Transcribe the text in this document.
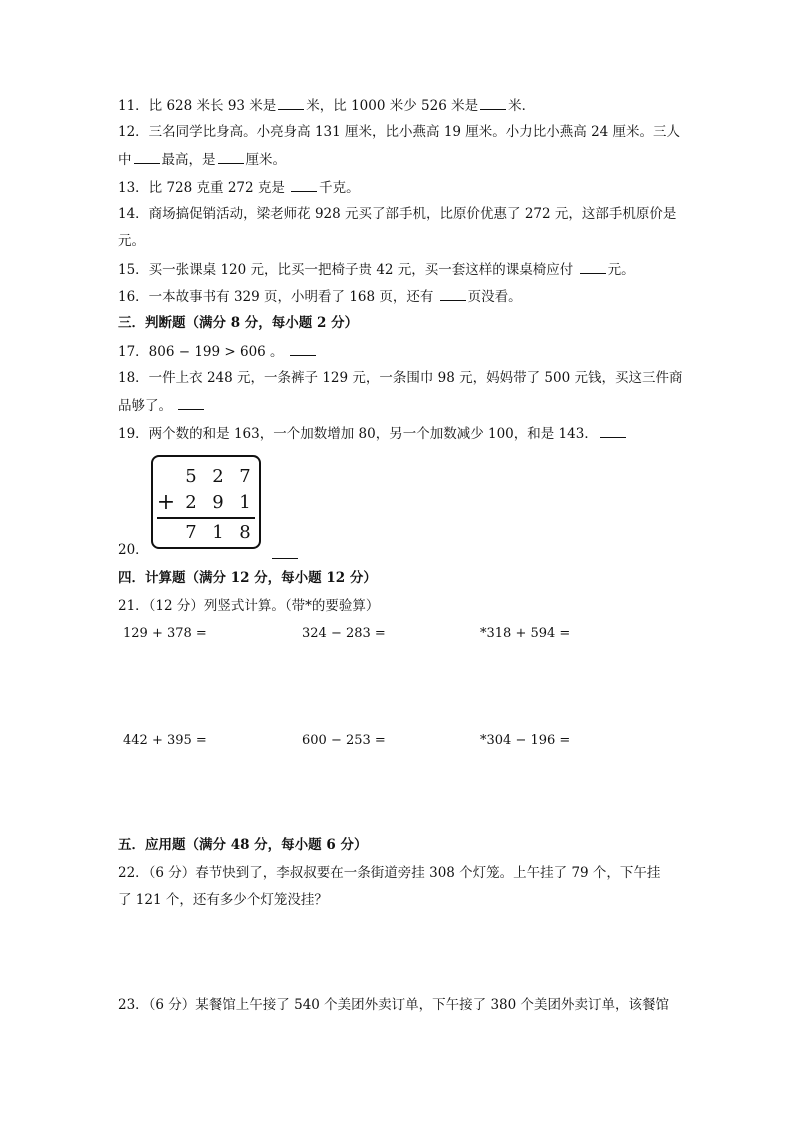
11．比 628 米长 93 米是 米，比 1000 米少 526 米是 米．
12．三名同学比身高。小亮身高 131 厘米，比小燕高 19 厘米。小力比小燕高 24 厘米。三人
中 最高，是 厘米。
13．比 728 克重 272 克是 千克。
14．商场搞促销活动，梁老师花 928 元买了部手机，比原价优惠了 272 元，这部手机原价是
元。
15．买一张课桌 120 元，比买一把椅子贵 42 元，买一套这样的课桌椅应付 元。
16．一本故事书有 329 页，小明看了 168 页，还有 页没看。
三．判断题（满分 8 分，每小题 2 分）
17．806 − 199 > 606 。
18．一件上衣 248 元，一条裤子 129 元，一条围巾 98 元，妈妈带了 500 元钱，买这三件商
品够了。
19．两个数的和是 163，一个加数增加 80，另一个加数减少 100，和是 143．
5 2 7
+ 2 9 1
7 1 8
20．
四．计算题（满分 12 分，每小题 12 分）
21．（12 分）列竖式计算。（带*的要验算）
129 + 378 =	324 − 283 =	*318 + 594 =
442 + 395 =	600 − 253 =	*304 − 196 =
五．应用题（满分 48 分，每小题 6 分）
22．（6 分）春节快到了，李叔叔要在一条街道旁挂 308 个灯笼。上午挂了 79 个，下午挂
了 121 个，还有多少个灯笼没挂？
23．（6 分）某餐馆上午接了 540 个美团外卖订单，下午接了 380 个美团外卖订单，该餐馆
